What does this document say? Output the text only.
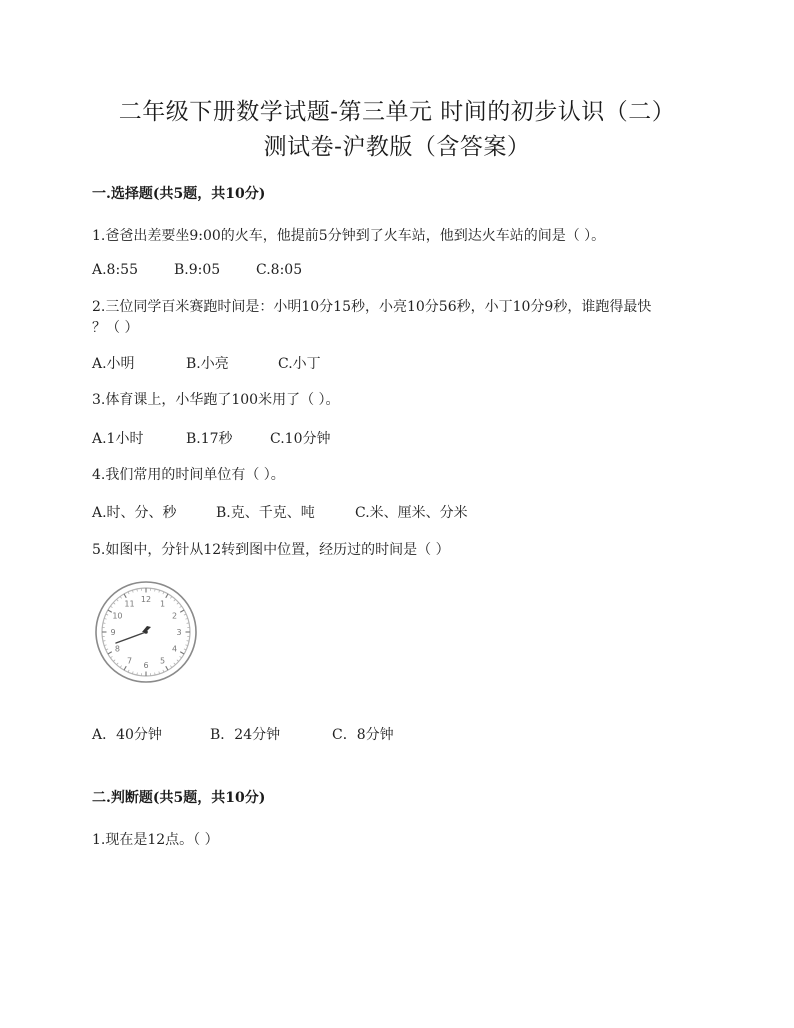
二年级下册数学试题-第三单元 时间的初步认识（二）
测试卷-沪教版（含答案）
一.选择题(共5题，共10分)
1.爸爸出差要坐9:00的火车，他提前5分钟到了火车站，他到达火车站的间是（ ）。
A.8:55	B.9:05	C.8:05
2.三位同学百米赛跑时间是：小明10分15秒，小亮10分56秒，小丁10分9秒，谁跑得最快
？（ ）
A.小明	B.小亮	C.小丁
3.体育课上，小华跑了100米用了（ ）。
A.1小时	B.17秒	C.10分钟
4.我们常用的时间单位有（ ）。
A.时、分、秒	B.克、千克、吨	C.米、厘米、分米
5.如图中，分针从12转到图中位置，经历过的时间是（ ）
12 1
2
3
4
5
6
7
8
9
10
11
A．40分钟	B．24分钟	C．8分钟
二.判断题(共5题，共10分)
1.现在是12点。（ ）
